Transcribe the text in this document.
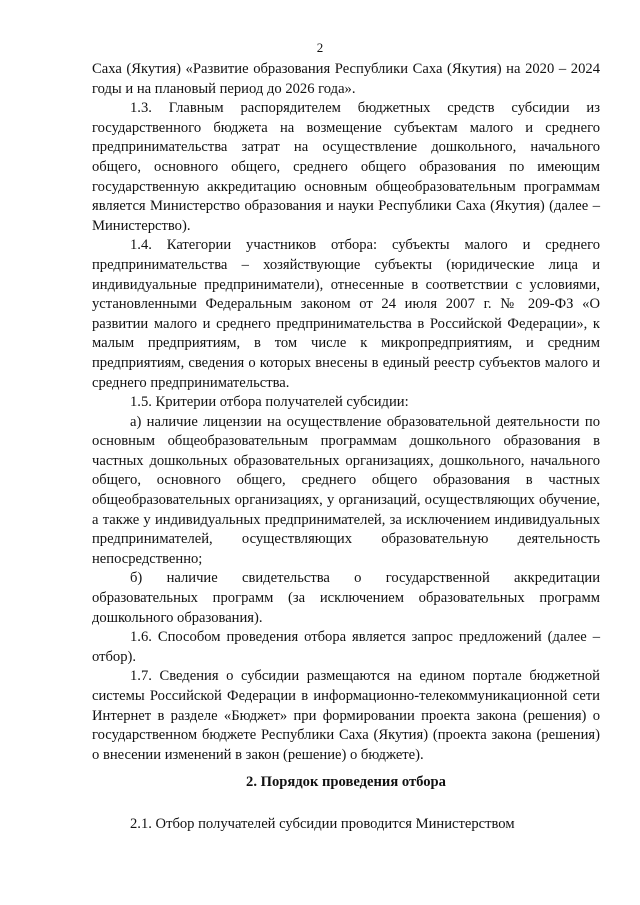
2

Саха (Якутия) «Развитие образования Республики Саха (Якутия) на 2020 – 2024 годы и на плановый период до 2026 года».

1.3. Главным распорядителем бюджетных средств субсидии из государственного бюджета на возмещение субъектам малого и среднего предпринимательства затрат на осуществление дошкольного, начального общего, основного общего, среднего общего образования по имеющим государственную аккредитацию основным общеобразовательным программам является Министерство образования и науки Республики Саха (Якутия) (далее – Министерство).

1.4. Категории участников отбора: субъекты малого и среднего предпринимательства – хозяйствующие субъекты (юридические лица и индивидуальные предприниматели), отнесенные в соответствии с условиями, установленными Федеральным законом от 24 июля 2007 г. № 209-ФЗ «О развитии малого и среднего предпринимательства в Российской Федерации», к малым предприятиям, в том числе к микропредприятиям, и средним предприятиям, сведения о которых внесены в единый реестр субъектов малого и среднего предпринимательства.

1.5. Критерии отбора получателей субсидии:

а) наличие лицензии на осуществление образовательной деятельности по основным общеобразовательным программам дошкольного образования в частных дошкольных образовательных организациях, дошкольного, начального общего, основного общего, среднего общего образования в частных общеобразовательных организациях, у организаций, осуществляющих обучение, а также у индивидуальных предпринимателей, за исключением индивидуальных предпринимателей, осуществляющих образовательную деятельность непосредственно;

б) наличие свидетельства о государственной аккредитации образовательных программ (за исключением образовательных программ дошкольного образования).

1.6. Способом проведения отбора является запрос предложений (далее – отбор).

1.7. Сведения о субсидии размещаются на едином портале бюджетной системы Российской Федерации в информационно-телекоммуникационной сети Интернет в разделе «Бюджет» при формировании проекта закона (решения) о государственном бюджете Республики Саха (Якутия) (проекта закона (решения) о внесении изменений в закон (решение) о бюджете).

2. Порядок проведения отбора

2.1. Отбор получателей субсидии проводится Министерством
